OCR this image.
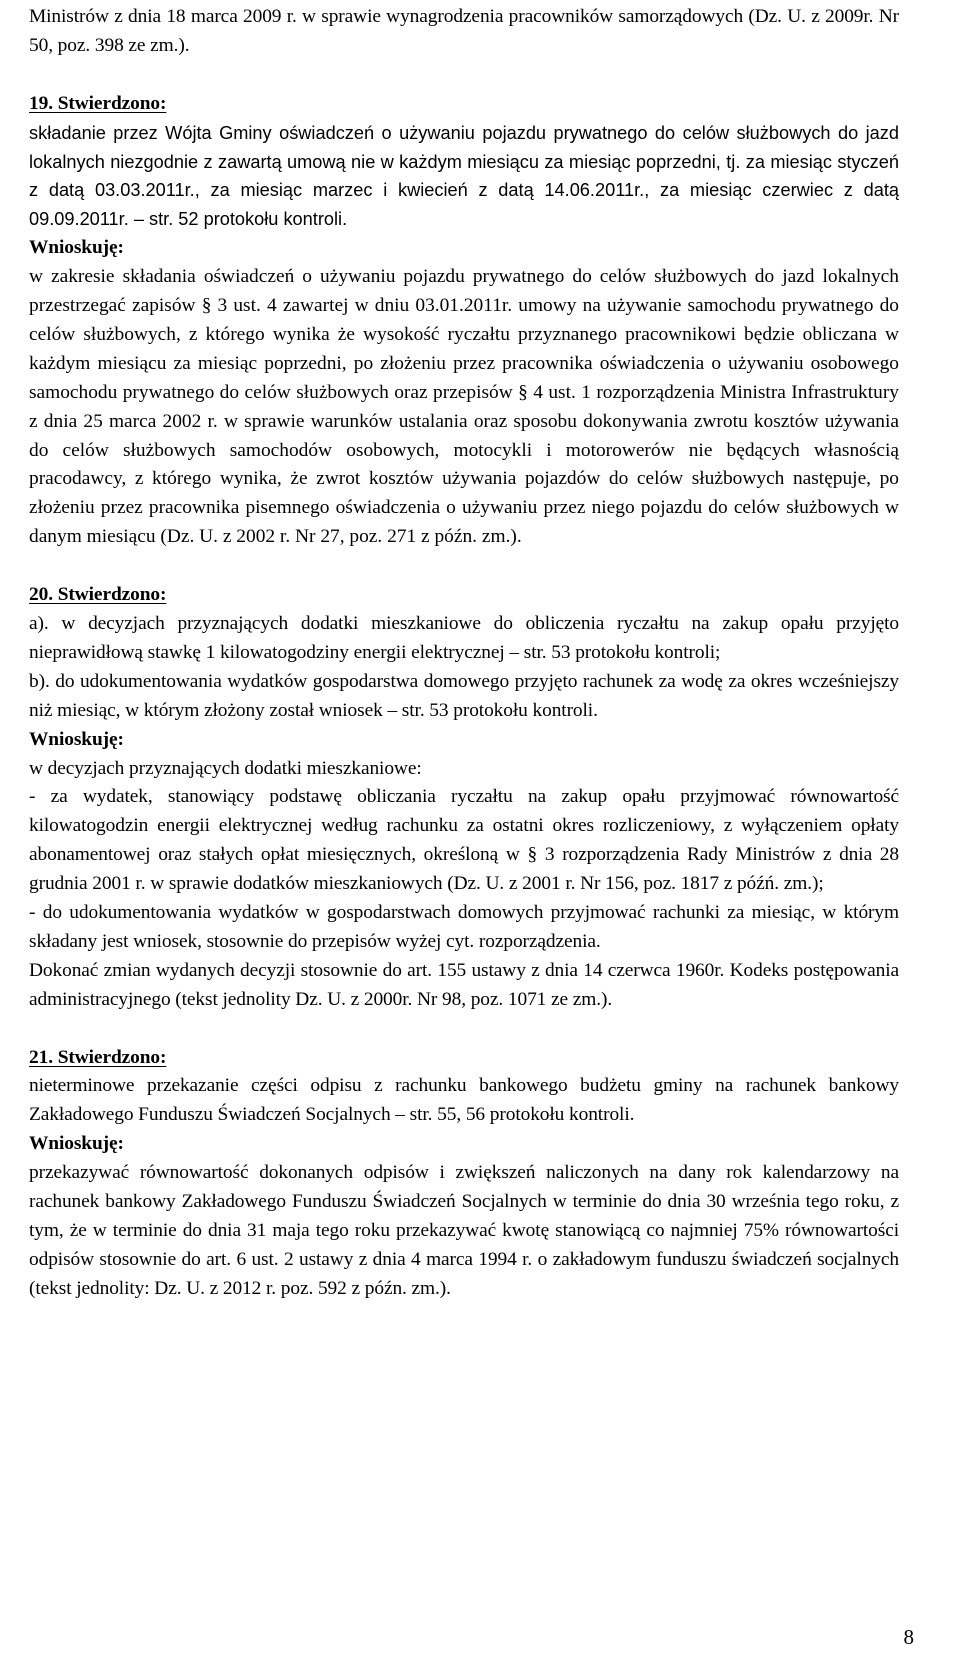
Ministrów z dnia 18 marca 2009 r. w sprawie wynagrodzenia pracowników samorządowych (Dz. U. z 2009r. Nr 50, poz. 398 ze zm.).

19. Stwierdzono:

składanie przez Wójta Gminy oświadczeń o używaniu pojazdu prywatnego do celów służbowych do jazd lokalnych niezgodnie z zawartą umową nie w każdym miesiącu za miesiąc poprzedni, tj. za miesiąc styczeń z datą 03.03.2011r., za miesiąc marzec i kwiecień z datą 14.06.2011r., za miesiąc czerwiec z datą 09.09.2011r. – str. 52 protokołu kontroli.

Wnioskuję:

w zakresie składania oświadczeń o używaniu pojazdu prywatnego do celów służbowych do jazd lokalnych przestrzegać zapisów § 3 ust. 4 zawartej w dniu 03.01.2011r. umowy na używanie samochodu prywatnego do celów służbowych, z którego wynika że wysokość ryczałtu przyznanego pracownikowi będzie obliczana w każdym miesiącu za miesiąc poprzedni, po złożeniu przez pracownika oświadczenia o używaniu osobowego samochodu prywatnego do celów służbowych oraz przepisów § 4 ust. 1 rozporządzenia Ministra Infrastruktury z dnia 25 marca 2002 r. w sprawie warunków ustalania oraz sposobu dokonywania zwrotu kosztów używania do celów służbowych samochodów osobowych, motocykli i motorowerów nie będących własnością pracodawcy, z którego wynika, że zwrot kosztów używania pojazdów do celów służbowych następuje, po złożeniu przez pracownika pisemnego oświadczenia o używaniu przez niego pojazdu do celów służbowych w danym miesiącu (Dz. U. z 2002 r. Nr 27, poz. 271 z późn. zm.).

20. Stwierdzono:

a). w decyzjach przyznających dodatki mieszkaniowe do obliczenia ryczałtu na zakup opału przyjęto nieprawidłową stawkę 1 kilowatogodziny energii elektrycznej – str. 53 protokołu kontroli;

b). do udokumentowania wydatków gospodarstwa domowego przyjęto rachunek za wodę za okres wcześniejszy niż miesiąc, w którym złożony został wniosek – str. 53 protokołu kontroli.

Wnioskuję:

w decyzjach przyznających dodatki mieszkaniowe:

- za wydatek, stanowiący podstawę obliczania ryczałtu na zakup opału przyjmować równowartość kilowatogodzin energii elektrycznej według rachunku za ostatni okres rozliczeniowy, z wyłączeniem opłaty abonamentowej oraz stałych opłat miesięcznych, określoną w § 3 rozporządzenia Rady Ministrów z dnia 28 grudnia 2001 r. w sprawie dodatków mieszkaniowych (Dz. U. z 2001 r. Nr 156, poz. 1817 z późń. zm.);

- do udokumentowania wydatków w gospodarstwach domowych przyjmować rachunki za miesiąc, w którym składany jest wniosek, stosownie do przepisów wyżej cyt. rozporządzenia.

Dokonać zmian wydanych decyzji stosownie do art. 155 ustawy z dnia 14 czerwca 1960r. Kodeks postępowania administracyjnego (tekst jednolity Dz. U. z 2000r. Nr 98, poz. 1071 ze zm.).

21. Stwierdzono:

nieterminowe przekazanie części odpisu z rachunku bankowego budżetu gminy na rachunek bankowy Zakładowego Funduszu Świadczeń Socjalnych – str. 55, 56 protokołu kontroli.

Wnioskuję:

przekazywać równowartość dokonanych odpisów i zwiększeń naliczonych na dany rok kalendarzowy na rachunek bankowy Zakładowego Funduszu Świadczeń Socjalnych w terminie do dnia 30 września tego roku, z tym, że w terminie do dnia 31 maja tego roku przekazywać kwotę stanowiącą co najmniej 75% równowartości odpisów stosownie do art. 6 ust. 2 ustawy z dnia 4 marca 1994 r. o zakładowym funduszu świadczeń socjalnych (tekst jednolity: Dz. U. z 2012 r. poz. 592 z późn. zm.).

8
